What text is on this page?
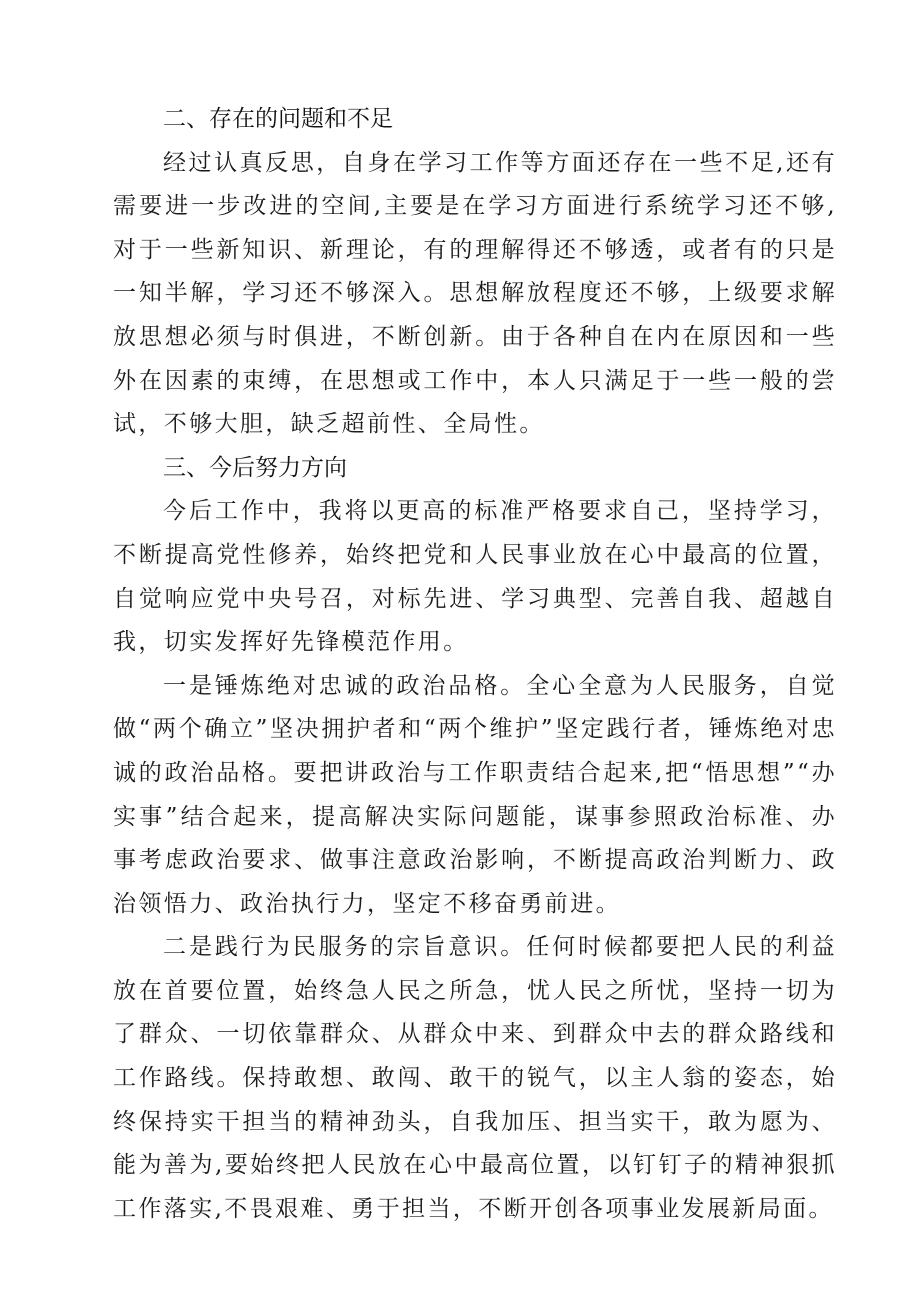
二、存在的问题和不足

经过认真反思，自身在学习工作等方面还存在一些不足,还有需要进一步改进的空间,主要是在学习方面进行系统学习还不够,对于一些新知识、新理论，有的理解得还不够透，或者有的只是一知半解，学习还不够深入。思想解放程度还不够，上级要求解放思想必须与时俱进，不断创新。由于各种自在内在原因和一些外在因素的束缚，在思想或工作中，本人只满足于一些一般的尝试，不够大胆，缺乏超前性、全局性。

三、今后努力方向

今后工作中，我将以更高的标准严格要求自己，坚持学习，不断提高党性修养，始终把党和人民事业放在心中最高的位置，自觉响应党中央号召，对标先进、学习典型、完善自我、超越自我，切实发挥好先锋模范作用。

一是锤炼绝对忠诚的政治品格。全心全意为人民服务，自觉做“两个确立”坚决拥护者和“两个维护”坚定践行者，锤炼绝对忠诚的政治品格。要把讲政治与工作职责结合起来,把“悟思想”“办实事”结合起来，提高解决实际问题能，谋事参照政治标准、办事考虑政治要求、做事注意政治影响，不断提高政治判断力、政治领悟力、政治执行力，坚定不移奋勇前进。

二是践行为民服务的宗旨意识。任何时候都要把人民的利益放在首要位置，始终急人民之所急，忧人民之所忧，坚持一切为了群众、一切依靠群众、从群众中来、到群众中去的群众路线和工作路线。保持敢想、敢闯、敢干的锐气，以主人翁的姿态，始终保持实干担当的精神劲头，自我加压、担当实干，敢为愿为、能为善为,要始终把人民放在心中最高位置，以钉钉子的精神狠抓工作落实,不畏艰难、勇于担当，不断开创各项事业发展新局面。
